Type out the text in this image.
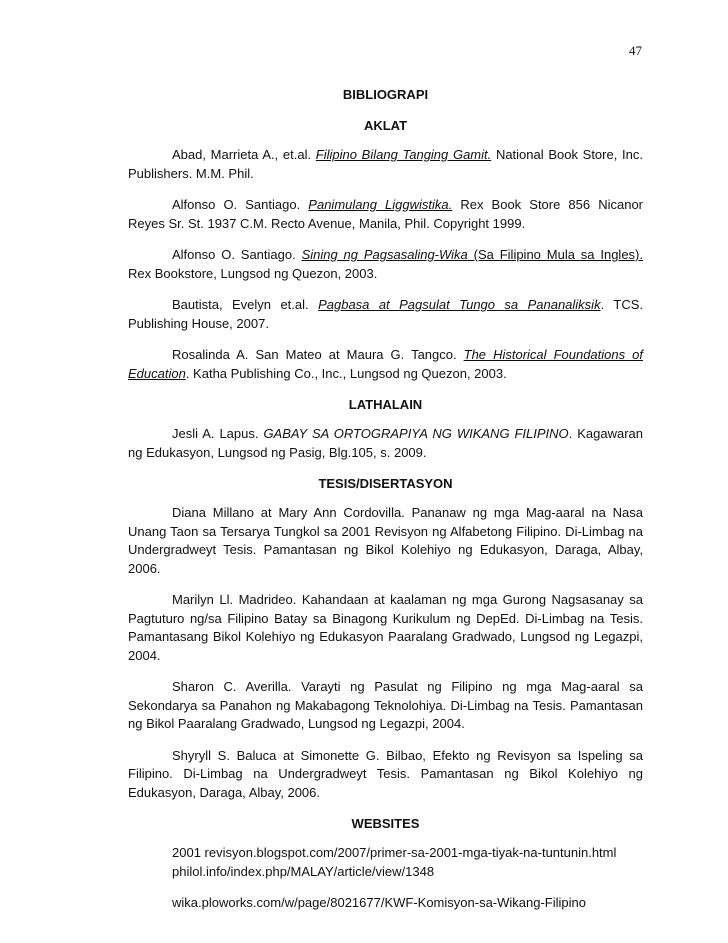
47
BIBLIOGRAPI
AKLAT

Abad, Marrieta A., et.al. Filipino Bilang Tanging Gamit. National Book Store, Inc. Publishers. M.M. Phil.

Alfonso O. Santiago. Panimulang Liggwistika. Rex Book Store 856 Nicanor Reyes Sr. St. 1937 C.M. Recto Avenue, Manila, Phil. Copyright 1999.

Alfonso O. Santiago. Sining ng Pagsasaling-Wika (Sa Filipino Mula sa Ingles). Rex Bookstore, Lungsod ng Quezon, 2003.

Bautista, Evelyn et.al. Pagbasa at Pagsulat Tungo sa Pananaliksik. TCS. Publishing House, 2007.

Rosalinda A. San Mateo at Maura G. Tangco. The Historical Foundations of Education. Katha Publishing Co., Inc., Lungsod ng Quezon, 2003.

LATHALAIN

Jesli A. Lapus. GABAY SA ORTOGRAPIYA NG WIKANG FILIPINO. Kagawaran ng Edukasyon, Lungsod ng Pasig, Blg.105, s. 2009.

TESIS/DISERTASYON

Diana Millano at Mary Ann Cordovilla. Pananaw ng mga Mag-aaral na Nasa Unang Taon sa Tersarya Tungkol sa 2001 Revisyon ng Alfabetong Filipino. Di-Limbag na Undergradweyt Tesis. Pamantasan ng Bikol Kolehiyo ng Edukasyon, Daraga, Albay, 2006.

Marilyn Ll. Madrideo. Kahandaan at kaalaman ng mga Gurong Nagsasanay sa Pagtuturo ng/sa Filipino Batay sa Binagong Kurikulum ng DepEd. Di-Limbag na Tesis. Pamantasang Bikol Kolehiyo ng Edukasyon Paaralang Gradwado, Lungsod ng Legazpi, 2004.

Sharon C. Averilla. Varayti ng Pasulat ng Filipino ng mga Mag-aaral sa Sekondarya sa Panahon ng Makabagong Teknolohiya. Di-Limbag na Tesis. Pamantasan ng Bikol Paaralang Gradwado, Lungsod ng Legazpi, 2004.

Shyryll S. Baluca at Simonette G. Bilbao, Efekto ng Revisyon sa Ispeling sa Filipino. Di-Limbag na Undergradweyt Tesis. Pamantasan ng Bikol Kolehiyo ng Edukasyon, Daraga, Albay, 2006.

WEBSITES
2001 revisyon.blogspot.com/2007/primer-sa-2001-mga-tiyak-na-tuntunin.html
philol.info/index.php/MALAY/article/view/1348
wika.ploworks.com/w/page/8021677/KWF-Komisyon-sa-Wikang-Filipino
